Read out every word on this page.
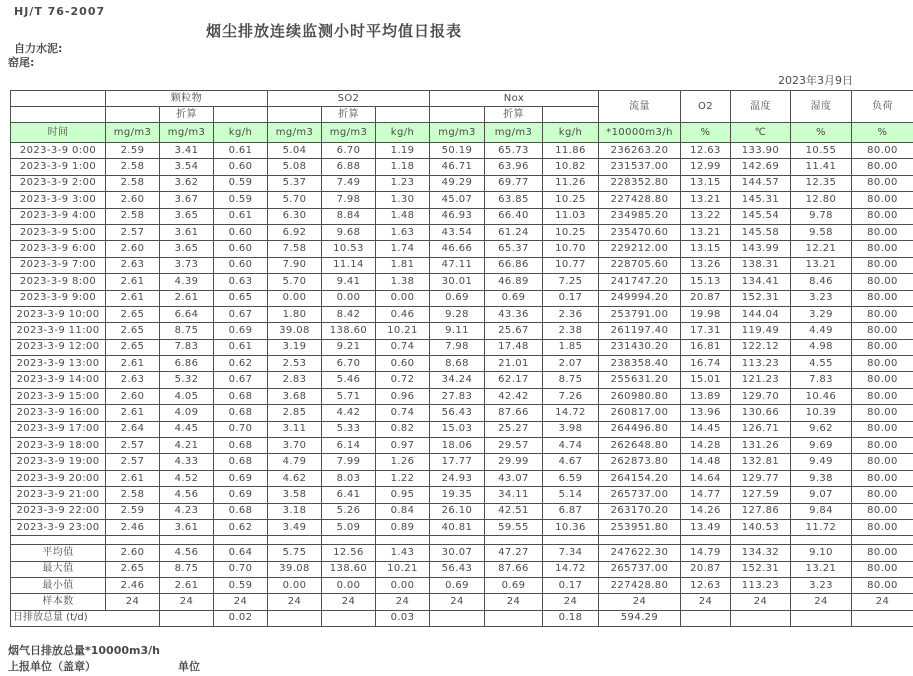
HJ/T 76-2007
烟尘排放连续监测小时平均值日报表
自力水泥:
窑尾:
2023年3月9日
	颗粒物			SO2			Nox			流量	O2	温度	湿度	负荷
		折算			折算			折算						
时间	mg/m3	mg/m3	kg/h	mg/m3	mg/m3	kg/h	mg/m3	mg/m3	kg/h	*10000m3/h	%	℃	%	%
2023-3-9 0:00	2.59	3.41	0.61	5.04	6.70	1.19	50.19	65.73	11.86	236263.20	12.63	133.90	10.55	80.00
2023-3-9 1:00	2.58	3.54	0.60	5.08	6.88	1.18	46.71	63.96	10.82	231537.00	12.99	142.69	11.41	80.00
2023-3-9 2:00	2.58	3.62	0.59	5.37	7.49	1.23	49.29	69.77	11.26	228352.80	13.15	144.57	12.35	80.00
2023-3-9 3:00	2.60	3.67	0.59	5.70	7.98	1.30	45.07	63.85	10.25	227428.80	13.21	145.31	12.80	80.00
2023-3-9 4:00	2.58	3.65	0.61	6.30	8.84	1.48	46.93	66.40	11.03	234985.20	13.22	145.54	9.78	80.00
2023-3-9 5:00	2.57	3.61	0.60	6.92	9.68	1.63	43.54	61.24	10.25	235470.60	13.21	145.58	9.58	80.00
2023-3-9 6:00	2.60	3.65	0.60	7.58	10.53	1.74	46.66	65.37	10.70	229212.00	13.15	143.99	12.21	80.00
2023-3-9 7:00	2.63	3.73	0.60	7.90	11.14	1.81	47.11	66.86	10.77	228705.60	13.26	138.31	13.21	80.00
2023-3-9 8:00	2.61	4.39	0.63	5.70	9.41	1.38	30.01	46.89	7.25	241747.20	15.13	134.41	8.46	80.00
2023-3-9 9:00	2.61	2.61	0.65	0.00	0.00	0.00	0.69	0.69	0.17	249994.20	20.87	152.31	3.23	80.00
2023-3-9 10:00	2.65	6.64	0.67	1.80	8.42	0.46	9.28	43.36	2.36	253791.00	19.98	144.04	3.29	80.00
2023-3-9 11:00	2.65	8.75	0.69	39.08	138.60	10.21	9.11	25.67	2.38	261197.40	17.31	119.49	4.49	80.00
2023-3-9 12:00	2.65	7.83	0.61	3.19	9.21	0.74	7.98	17.48	1.85	231430.20	16.81	122.12	4.98	80.00
2023-3-9 13:00	2.61	6.86	0.62	2.53	6.70	0.60	8.68	21.01	2.07	238358.40	16.74	113.23	4.55	80.00
2023-3-9 14:00	2.63	5.32	0.67	2.83	5.46	0.72	34.24	62.17	8.75	255631.20	15.01	121.23	7.83	80.00
2023-3-9 15:00	2.60	4.05	0.68	3.68	5.71	0.96	27.83	42.42	7.26	260980.80	13.89	129.70	10.46	80.00
2023-3-9 16:00	2.61	4.09	0.68	2.85	4.42	0.74	56.43	87.66	14.72	260817.00	13.96	130.66	10.39	80.00
2023-3-9 17:00	2.64	4.45	0.70	3.11	5.33	0.82	15.03	25.27	3.98	264496.80	14.45	126.71	9.62	80.00
2023-3-9 18:00	2.57	4.21	0.68	3.70	6.14	0.97	18.06	29.57	4.74	262648.80	14.28	131.26	9.69	80.00
2023-3-9 19:00	2.57	4.33	0.68	4.79	7.99	1.26	17.77	29.99	4.67	262873.80	14.48	132.81	9.49	80.00
2023-3-9 20:00	2.61	4.52	0.69	4.62	8.03	1.22	24.93	43.07	6.59	264154.20	14.64	129.77	9.38	80.00
2023-3-9 21:00	2.58	4.56	0.69	3.58	6.41	0.95	19.35	34.11	5.14	265737.00	14.77	127.59	9.07	80.00
2023-3-9 22:00	2.59	4.23	0.68	3.18	5.26	0.84	26.10	42.51	6.87	263170.20	14.26	127.86	9.84	80.00
2023-3-9 23:00	2.46	3.61	0.62	3.49	5.09	0.89	40.81	59.55	10.36	253951.80	13.49	140.53	11.72	80.00

平均值	2.60	4.56	0.64	5.75	12.56	1.43	30.07	47.27	7.34	247622.30	14.79	134.32	9.10	80.00
最大值	2.65	8.75	0.70	39.08	138.60	10.21	56.43	87.66	14.72	265737.00	20.87	152.31	13.21	80.00
最小值	2.46	2.61	0.59	0.00	0.00	0.00	0.69	0.69	0.17	227428.80	12.63	113.23	3.23	80.00
样本数	24	24	24	24	24	24	24	24	24	24	24	24	24	24
日排放总量 (t/d)			0.02			0.03			0.18	594.29				
烟气日排放总量*10000m3/h
上报单位（盖章）	单位
